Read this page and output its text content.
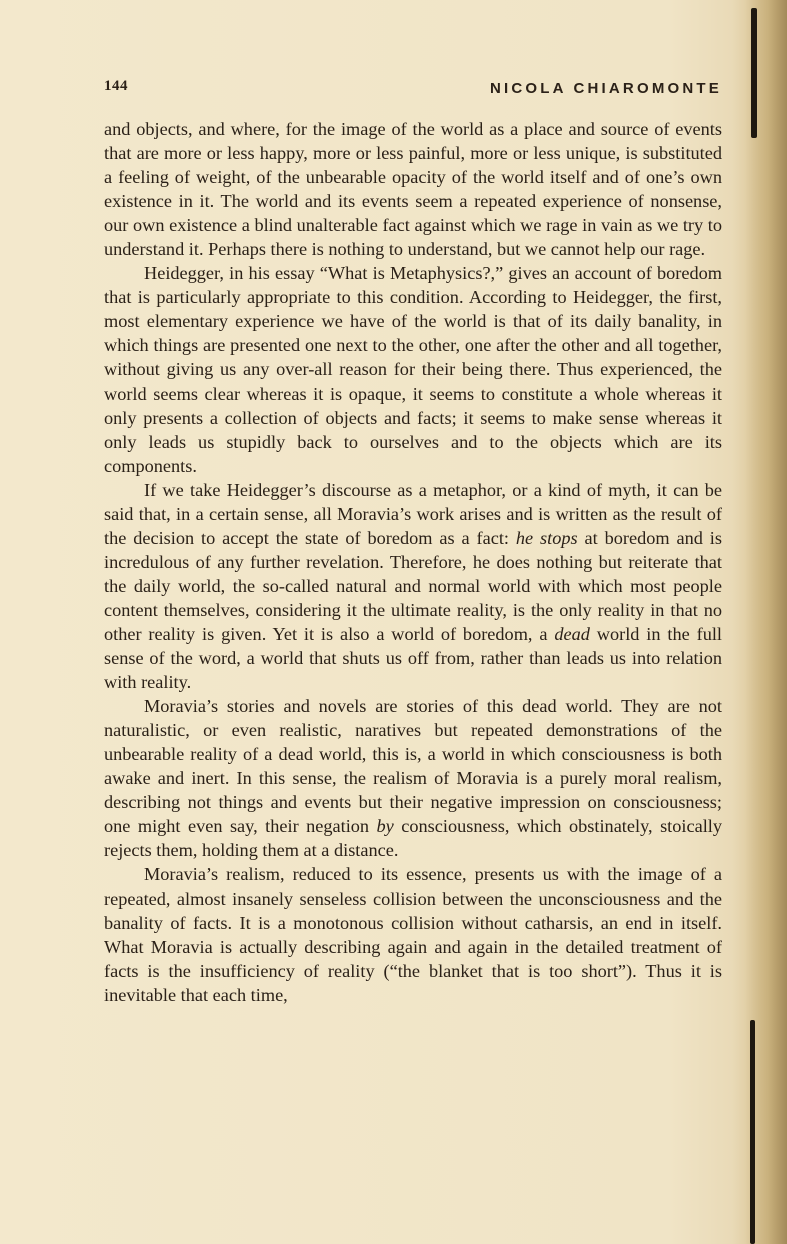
144	NICOLA CHIAROMONTE

and objects, and where, for the image of the world as a place and source of events that are more or less happy, more or less painful, more or less unique, is substituted a feeling of weight, of the unbearable opacity of the world itself and of one’s own existence in it. The world and its events seem a repeated experience of nonsense, our own existence a blind unalterable fact against which we rage in vain as we try to understand it. Perhaps there is nothing to understand, but we cannot help our rage.

Heidegger, in his essay “What is Metaphysics?,” gives an account of boredom that is particularly appropriate to this condition. According to Heidegger, the first, most elementary experience we have of the world is that of its daily banality, in which things are presented one next to the other, one after the other and all together, without giving us any over-all reason for their being there. Thus experienced, the world seems clear whereas it is opaque, it seems to constitute a whole whereas it only presents a collection of objects and facts; it seems to make sense whereas it only leads us stupidly back to ourselves and to the objects which are its components.

If we take Heidegger’s discourse as a metaphor, or a kind of myth, it can be said that, in a certain sense, all Moravia’s work arises and is written as the result of the decision to accept the state of boredom as a fact: he stops at boredom and is incredulous of any further revelation. Therefore, he does nothing but reiterate that the daily world, the so-called natural and normal world with which most people content themselves, considering it the ultimate reality, is the only reality in that no other reality is given. Yet it is also a world of boredom, a dead world in the full sense of the word, a world that shuts us off from, rather than leads us into relation with reality.

Moravia’s stories and novels are stories of this dead world. They are not naturalistic, or even realistic, naratives but repeated demonstrations of the unbearable reality of a dead world, this is, a world in which consciousness is both awake and inert. In this sense, the realism of Moravia is a purely moral realism, describing not things and events but their negative impression on consciousness; one might even say, their negation by consciousness, which obstinately, stoically rejects them, holding them at a distance.

Moravia’s realism, reduced to its essence, presents us with the image of a repeated, almost insanely senseless collision between the unconsciousness and the banality of facts. It is a monotonous collision without catharsis, an end in itself. What Moravia is actually describing again and again in the detailed treatment of facts is the insufficiency of reality (“the blanket that is too short”). Thus it is inevitable that each time,
